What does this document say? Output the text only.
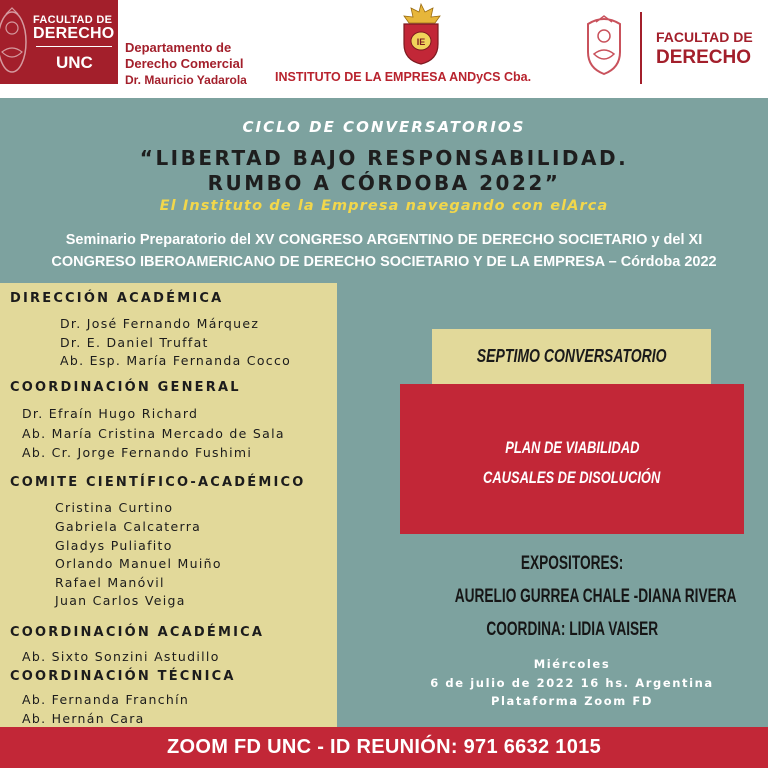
FACULTAD DE
DERECHO
UNC
Departamento de
Derecho Comercial
Dr. Mauricio Yadarola
IE
INSTITUTO DE LA EMPRESA ANDyCS Cba.
FACULTAD DE
DERECHO
CICLO DE CONVERSATORIOS
“LIBERTAD BAJO RESPONSABILIDAD.
RUMBO A CÓRDOBA 2022”
El Instituto de la Empresa navegando con elArca
Seminario Preparatorio del XV CONGRESO ARGENTINO DE DERECHO SOCIETARIO y del XI
CONGRESO IBEROAMERICANO DE DERECHO SOCIETARIO Y DE LA EMPRESA – Córdoba 2022
DIRECCIÓN ACADÉMICA
Dr. José Fernando Márquez
Dr. E. Daniel Truffat
Ab. Esp. María Fernanda Cocco
COORDINACIÓN GENERAL
Dr. Efraín Hugo Richard
Ab. María Cristina Mercado de Sala
Ab. Cr. Jorge Fernando Fushimi
COMITE CIENTÍFICO-ACADÉMICO
Cristina Curtino
Gabriela Calcaterra
Gladys Puliafito
Orlando Manuel Muiño
Rafael Manóvil
Juan Carlos Veiga
COORDINACIÓN ACADÉMICA
Ab. Sixto Sonzini Astudillo
COORDINACIÓN TÉCNICA
Ab. Fernanda Franchín
Ab. Hernán Cara
SEPTIMO CONVERSATORIO
PLAN DE VIABILIDAD
CAUSALES DE DISOLUCIÓN
EXPOSITORES:
AURELIO GURREA CHALE -DIANA RIVERA
COORDINA: LIDIA VAISER
Miércoles
6 de julio de 2022 16 hs. Argentina
Plataforma Zoom FD
ZOOM FD UNC - ID REUNIÓN: 971 6632 1015
